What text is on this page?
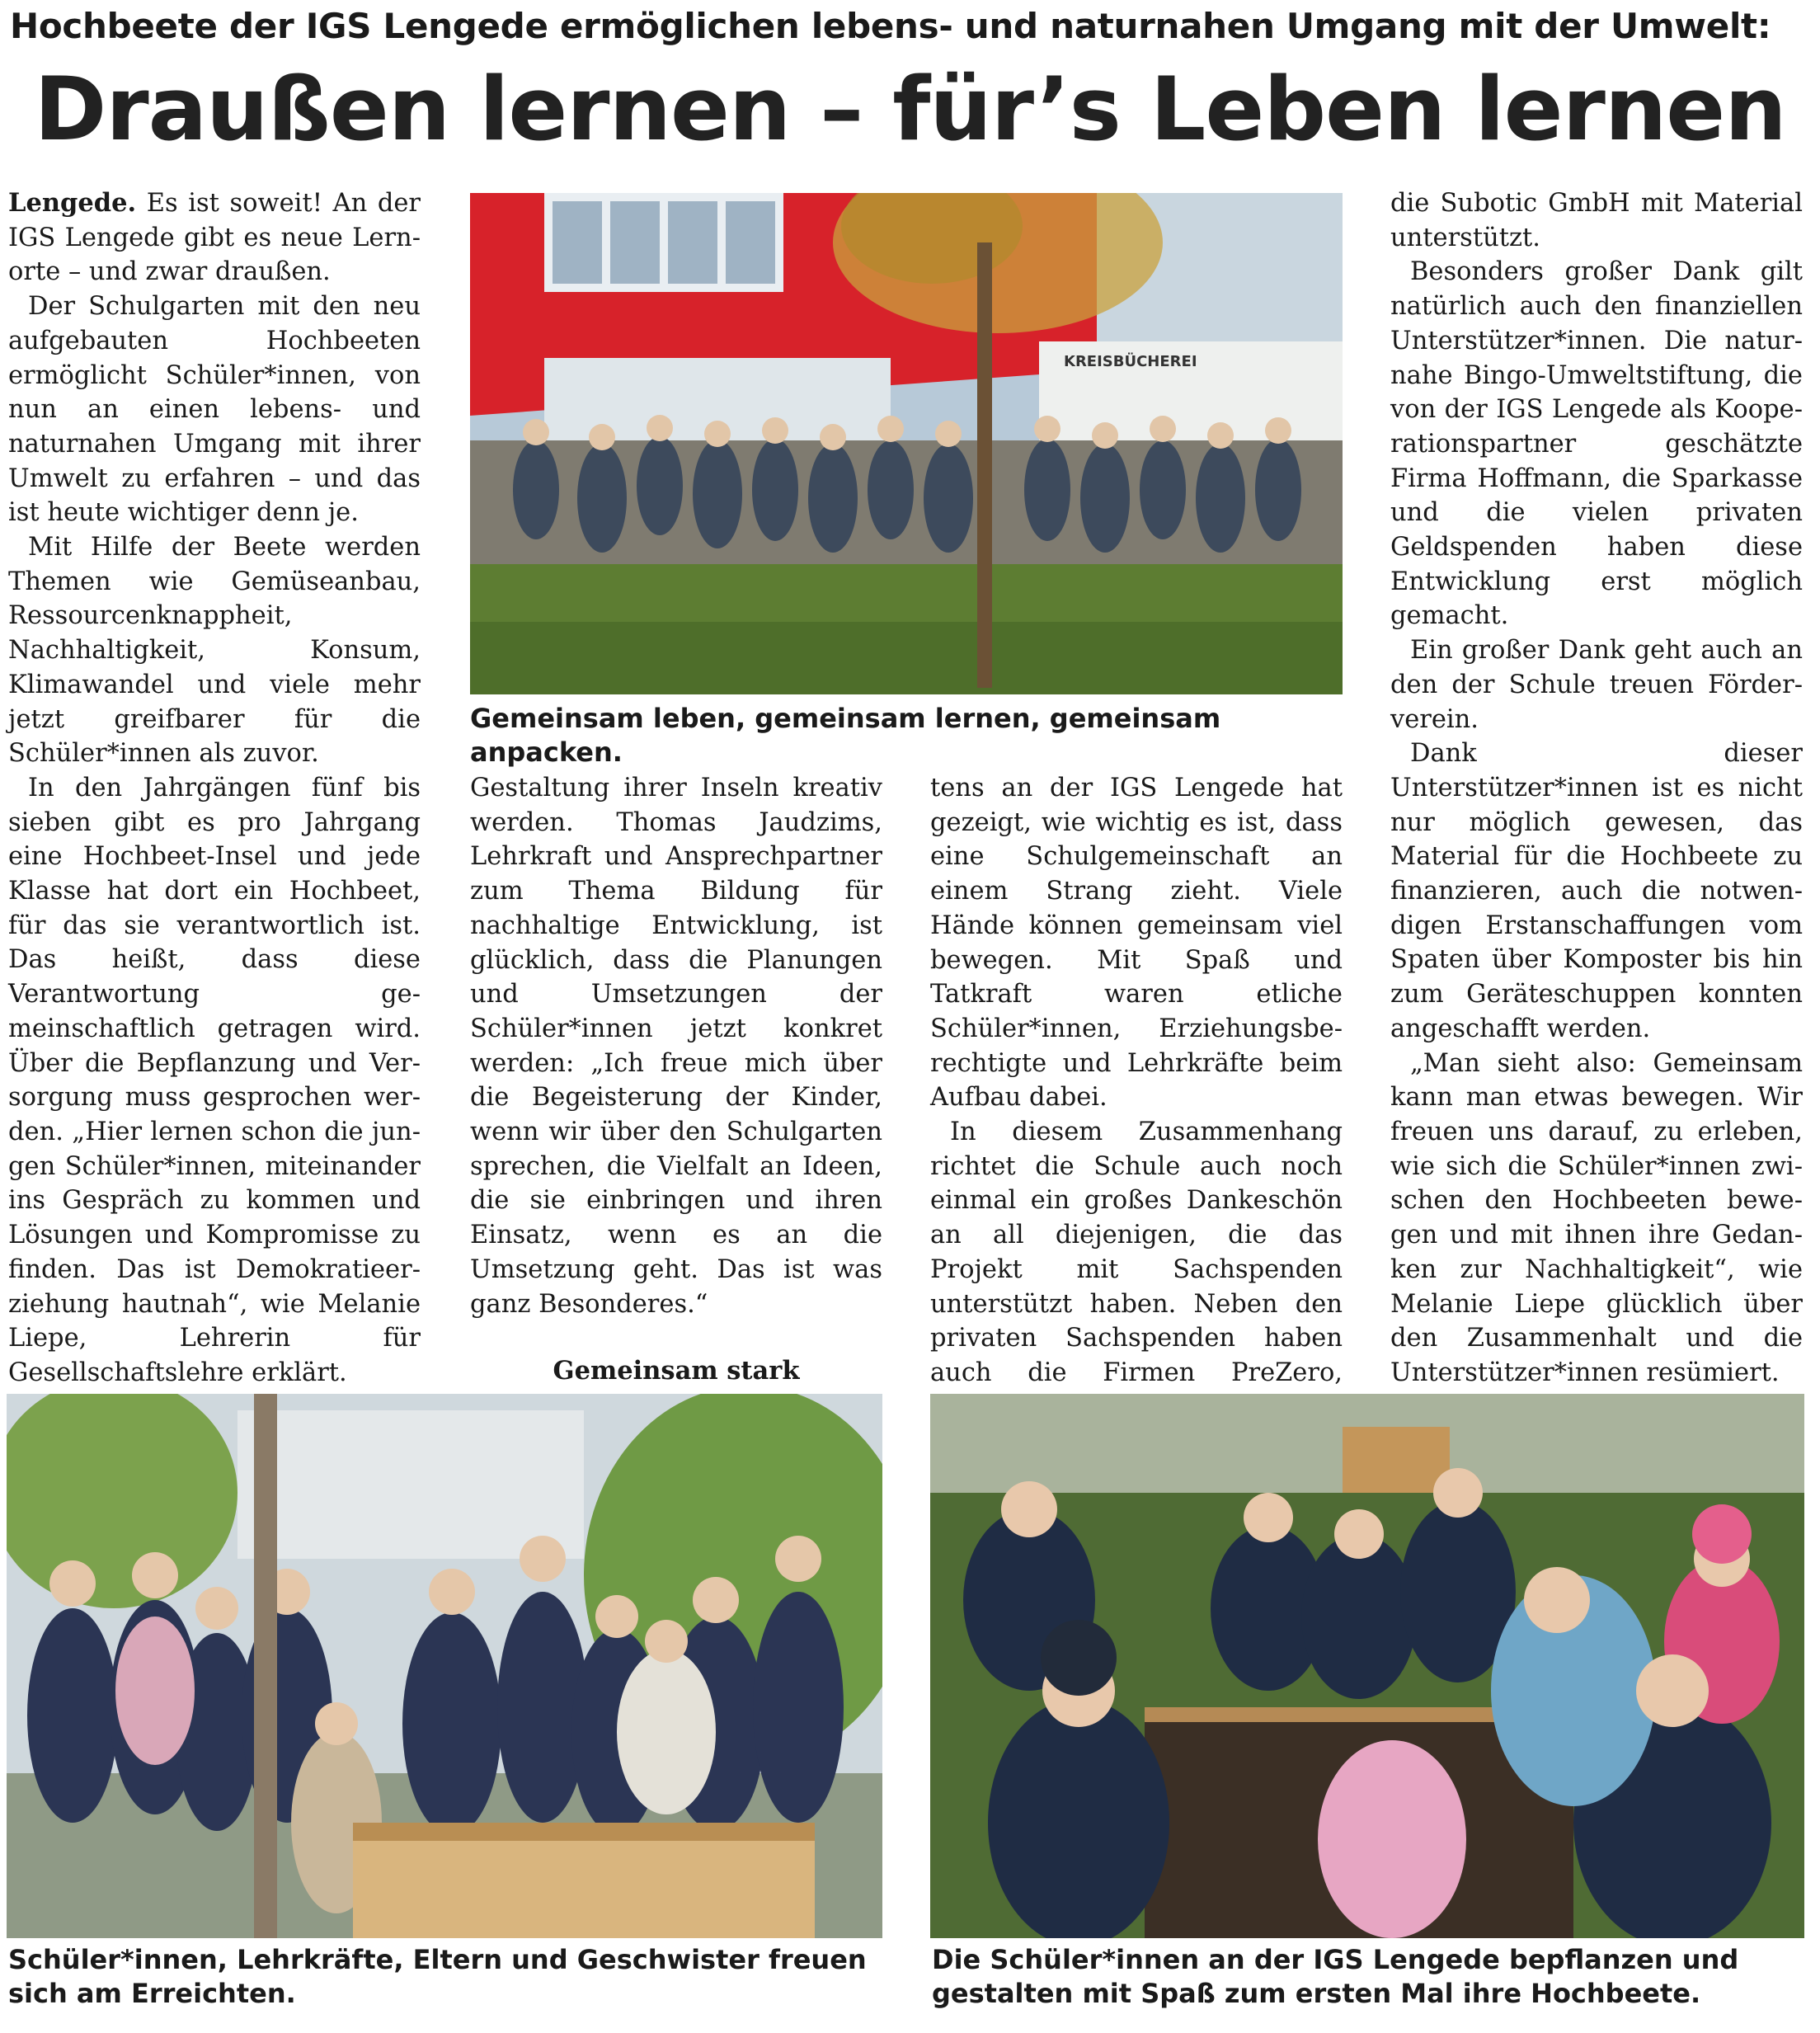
Hochbeete der IGS Lengede ermöglichen lebens- und naturnahen Umgang mit der Umwelt:
Draußen lernen – für’s Leben lernen

Lengede. Es ist soweit! An der IGS Lengede gibt es neue Lernorte – und zwar draußen.

Der Schulgarten mit den neu aufgebauten Hochbeeten ermöglicht Schüler*innen, von nun an einen lebens- und naturnahen Umgang mit ihrer Umwelt zu erfahren – und das ist heute wichtiger denn je.

Mit Hilfe der Beete werden Themen wie Gemüseanbau, Ressourcenknappheit, Nachhaltigkeit, Konsum, Klimawandel und viele mehr jetzt greifbarer für die Schüler*innen als zuvor.

In den Jahrgängen fünf bis sieben gibt es pro Jahrgang eine Hochbeet-Insel und jede Klasse hat dort ein Hochbeet, für das sie verantwortlich ist. Das heißt, dass diese Verantwortung gemeinschaftlich getragen wird. Über die Bepflanzung und Versorgung muss gesprochen werden. „Hier lernen schon die jungen Schüler*innen, miteinander ins Gespräch zu kommen und Lösungen und Kompromisse zu finden. Das ist Demokratieerziehung hautnah“, wie Melanie Liepe, Lehrerin für Gesellschaftslehre erklärt.

KREISBÜCHEREI
Gemeinsam leben, gemeinsam lernen, gemeinsam anpacken.

Gestaltung ihrer Inseln kreativ werden. Thomas Jaudzims, Lehrkraft und Ansprechpartner zum Thema Bildung für nachhaltige Entwicklung, ist glücklich, dass die Planungen und Umsetzungen der Schüler*innen jetzt konkret werden: „Ich freue mich über die Begeisterung der Kinder, wenn wir über den Schulgarten sprechen, die Vielfalt an Ideen, die sie einbringen und ihren Einsatz, wenn es an die Umsetzung geht. Das ist was ganz Besonderes.“

Gemeinsam stark

tens an der IGS Lengede hat gezeigt, wie wichtig es ist, dass eine Schulgemeinschaft an einem Strang zieht. Viele Hände können gemeinsam viel bewegen. Mit Spaß und Tatkraft waren etliche Schüler*innen, Erziehungsberechtigte und Lehrkräfte beim Aufbau dabei.

In diesem Zusammenhang richtet die Schule auch noch einmal ein großes Dankeschön an all diejenigen, die das Projekt mit Sachspenden unterstützt haben. Neben den privaten Sachspenden haben auch die Firmen PreZero,

die Subotic GmbH mit Material unterstützt.

Besonders großer Dank gilt natürlich auch den finanziellen Unterstützer*innen. Die naturnahe Bingo-Umweltstiftung, die von der IGS Lengede als Kooperationspartner geschätzte Firma Hoffmann, die Sparkasse und die vielen privaten Geldspenden haben diese Entwicklung erst möglich gemacht.

Ein großer Dank geht auch an den der Schule treuen Förderverein.

Dank dieser Unterstützer*innen ist es nicht nur möglich gewesen, das Material für die Hochbeete zu finanzieren, auch die notwendigen Erstanschaffungen vom Spaten über Komposter bis hin zum Geräteschuppen konnten angeschafft werden.

„Man sieht also: Gemeinsam kann man etwas bewegen. Wir freuen uns darauf, zu erleben, wie sich die Schüler*innen zwischen den Hochbeeten bewegen und mit ihnen ihre Gedanken zur Nachhaltigkeit“, wie Melanie Liepe glücklich über den Zusammenhalt und die Unterstützer*innen resümiert.

Schüler*innen, Lehrkräfte, Eltern und Geschwister freuen sich am Erreichten.
Die Schüler*innen an der IGS Lengede bepflanzen und gestalten mit Spaß zum ersten Mal ihre Hochbeete.
